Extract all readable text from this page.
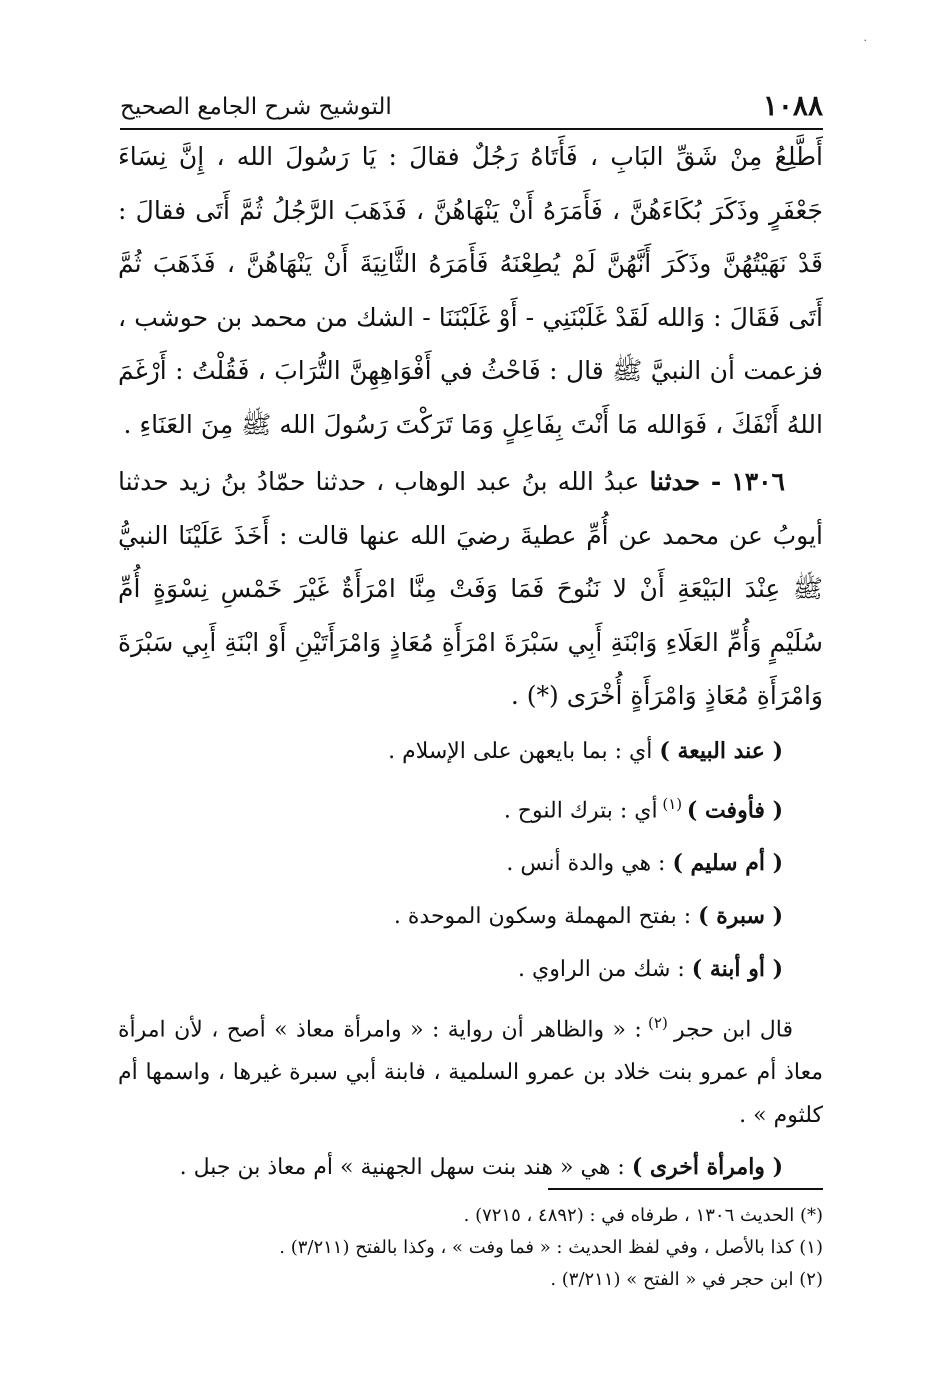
·
١٠٨٨
التوشيح شرح الجامع الصحيح

أَطَّلِعُ مِنْ شَقِّ البَابِ ، فَأَتَاهُ رَجُلٌ فقالَ : يَا رَسُولَ الله ، إِنَّ نِسَاءَ جَعْفَرٍ وذَكَرَ بُكَاءَهُنَّ ، فَأَمَرَهُ أَنْ يَنْهَاهُنَّ ، فَذَهَبَ الرَّجُلُ ثُمَّ أَتَى فقالَ : قَدْ نَهَيْتُهُنَّ وذَكَرَ أَنَّهُنَّ لَمْ يُطِعْنَهُ فَأَمَرَهُ الثَّانِيَةَ أَنْ يَنْهَاهُنَّ ، فَذَهَبَ ثُمَّ أَتَى فَقَالَ : وَالله لَقَدْ غَلَبْنَنِي - أَوْ غَلَبْنَنَا - الشك من محمد بن حوشب ، فزعمت أن النبيَّ ﷺ قال : فَاحْثُ في أَفْوَاهِهِنَّ التُّرَابَ ، فَقُلْتُ : أَرْغَمَ اللهُ أَنْفَكَ ، فَوَالله مَا أَنْتَ بِفَاعِلٍ وَمَا تَرَكْتَ رَسُولَ الله ﷺ مِنَ العَنَاءِ .

١٣٠٦ - حدثنا عبدُ الله بنُ عبد الوهاب ، حدثنا حمّادُ بنُ زيد حدثنا أيوبُ عن محمد عن أُمِّ عطيةَ رضيَ الله عنها قالت : أَخَذَ عَلَيْنَا النبيُّ ﷺ عِنْدَ البَيْعَةِ أَنْ لا نَنُوحَ فَمَا وَفَتْ مِنَّا امْرَأَةٌ غَيْرَ خَمْسِ نِسْوَةٍ أُمِّ سُلَيْمٍ وَأُمِّ العَلَاءِ وَابْنَةِ أَبِي سَبْرَةَ امْرَأَةِ مُعَاذٍ وَامْرَأَتَيْنِ أَوْ ابْنَةِ أَبِي سَبْرَةَ وَامْرَأَةِ مُعَاذٍ وَامْرَأَةٍ أُخْرَى (*) .

( عند البيعة ) أي : بما بايعهن على الإسلام .

( فأوفت ) $^{(١)}$ أي : بترك النوح .

( أم سليم ) : هي والدة أنس .

( سبرة ) : بفتح المهملة وسكون الموحدة .

( أو أبنة ) : شك من الراوي .

قال ابن حجر $^{(٢)}$ : « والظاهر أن رواية : « وامرأة معاذ » أصح ، لأن امرأة معاذ أم عمرو بنت خلاد بن عمرو السلمية ، فابنة أبي سبرة غيرها ، واسمها أم كلثوم » .

( وامرأة أخرى ) : هي « هند بنت سهل الجهنية » أم معاذ بن جبل .

(*) الحديث ١٣٠٦ ، طرفاه في : (٤٨٩٢ ، ٧٢١٥) .

(١) كذا بالأصل ، وفي لفظ الحديث : « فما وفت » ، وكذا بالفتح (٣/٢١١) .

(٢) ابن حجر في « الفتح » (٣/٢١١) .
